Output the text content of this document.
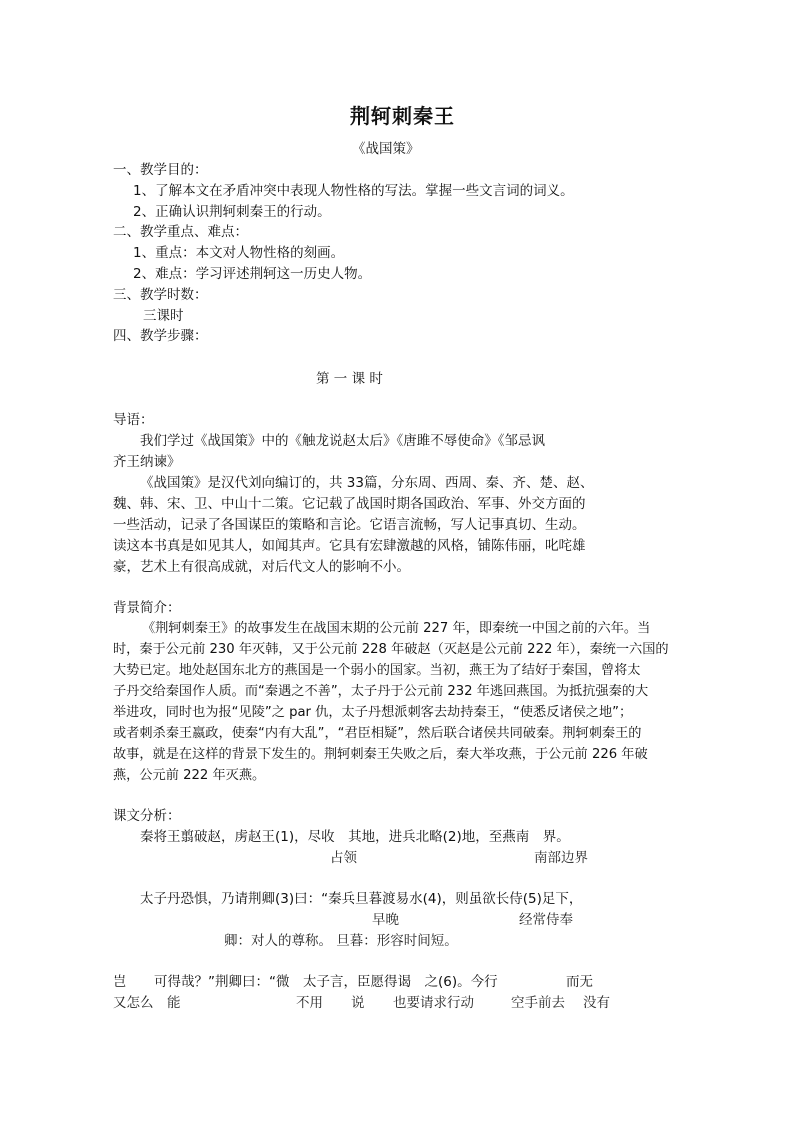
荆轲刺秦王
《战国策》
一、教学目的：
1、了解本文在矛盾冲突中表现人物性格的写法。掌握一些文言词的词义。
2、正确认识荆轲刺秦王的行动。
二、教学重点、难点：
1、重点：本文对人物性格的刻画。
2、难点：学习评述荆轲这一历史人物。
三、教学时数：
三课时
四、教学步骤：
第 一 课 时
导语：
我们学过《战国策》中的《触龙说赵太后》《唐雎不辱使命》《邹忌讽
齐王纳谏》
《战国策》是汉代刘向编订的，共 33篇，分东周、西周、秦、齐、楚、赵、
魏、韩、宋、卫、中山十二策。它记载了战国时期各国政治、军事、外交方面的
一些活动，记录了各国谋臣的策略和言论。它语言流畅，写人记事真切、生动。
读这本书真是如见其人，如闻其声。它具有宏肆激越的风格，铺陈伟丽，叱咤雄
豪，艺术上有很高成就，对后代文人的影响不小。
背景简介：
《荆轲刺秦王》的故事发生在战国末期的公元前 227 年，即秦统一中国之前的六年。当
时，秦于公元前 230 年灭韩，又于公元前 228 年破赵（灭赵是公元前 222 年），秦统一六国的
大势已定。地处赵国东北方的燕国是一个弱小的国家。当初，燕王为了结好于秦国，曾将太
子丹交给秦国作人质。而“秦遇之不善”，太子丹于公元前 232 年逃回燕国。为抵抗强秦的大
举进攻，同时也为报“见陵”之 par 仇，太子丹想派刺客去劫持秦王，“使悉反诸侯之地”；
或者刺杀秦王嬴政，使秦“内有大乱”，“君臣相疑”，然后联合诸侯共同破秦。荆轲刺秦王的
故事，就是在这样的背景下发生的。荆轲刺秦王失败之后，秦大举攻燕，于公元前 226 年破
燕，公元前 222 年灭燕。
课文分析：
秦将王翦破赵，虏赵王(1)，尽收　其地，进兵北略(2)地，至燕南　界。
占领	南部边界
太子丹恐惧，乃请荆卿(3)曰：“秦兵旦暮渡易水(4)，则虽欲长侍(5)足下，
早晚	经常侍奉
卿：对人的尊称。 旦暮：形容时间短。
岂 可得哉？”荆卿曰：“微　太子言，臣愿得谒　之(6)。今行	而无
又怎么　能	不用 说 也要请求行动	空手前去 没有
